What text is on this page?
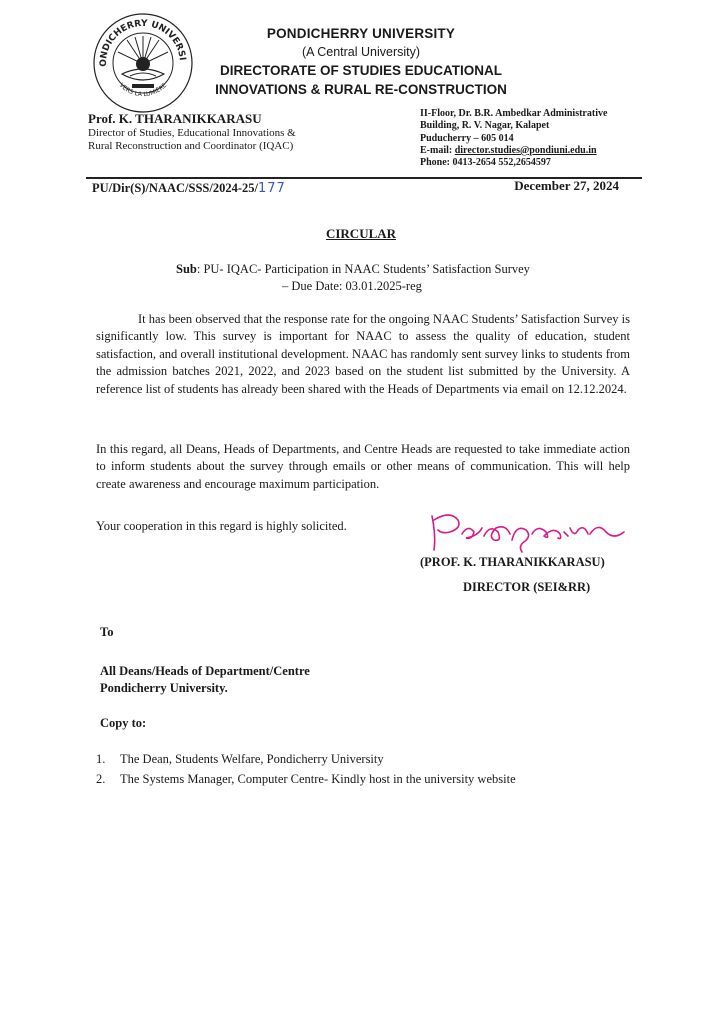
ONDICHERRY UNIVERSI
VERS LA LUMIÈRE
PONDICHERRY UNIVERSITY
(A Central University)
DIRECTORATE OF STUDIES EDUCATIONAL
INNOVATIONS & RURAL RE-CONSTRUCTION
Prof. K. THARANIKKARASU
Director of Studies, Educational Innovations &
Rural Reconstruction and Coordinator (IQAC)
II-Floor, Dr. B.R. Ambedkar Administrative
Building, R. V. Nagar, Kalapet
Puducherry – 605 014
E-mail: director.studies@pondiuni.edu.in
Phone: 0413-2654 552,2654597
PU/Dir(S)/NAAC/SSS/2024-25/177	December 27, 2024
CIRCULAR
Sub: PU- IQAC- Participation in NAAC Students’ Satisfaction Survey
– Due Date: 03.01.2025-reg
It has been observed that the response rate for the ongoing NAAC Students’ Satisfaction Survey is significantly low. This survey is important for NAAC to assess the quality of education, student satisfaction, and overall institutional development. NAAC has randomly sent survey links to students from the admission batches 2021, 2022, and 2023 based on the student list submitted by the University. A reference list of students has already been shared with the Heads of Departments via email on 12.12.2024.
In this regard, all Deans, Heads of Departments, and Centre Heads are requested to take immediate action to inform students about the survey through emails or other means of communication. This will help create awareness and encourage maximum participation.
Your cooperation in this regard is highly solicited.
(PROF. K. THARANIKKARASU)
DIRECTOR (SEI&RR)
To
All Deans/Heads of Department/Centre
Pondicherry University.
Copy to:
1. The Dean, Students Welfare, Pondicherry University
2. The Systems Manager, Computer Centre- Kindly host in the university website
